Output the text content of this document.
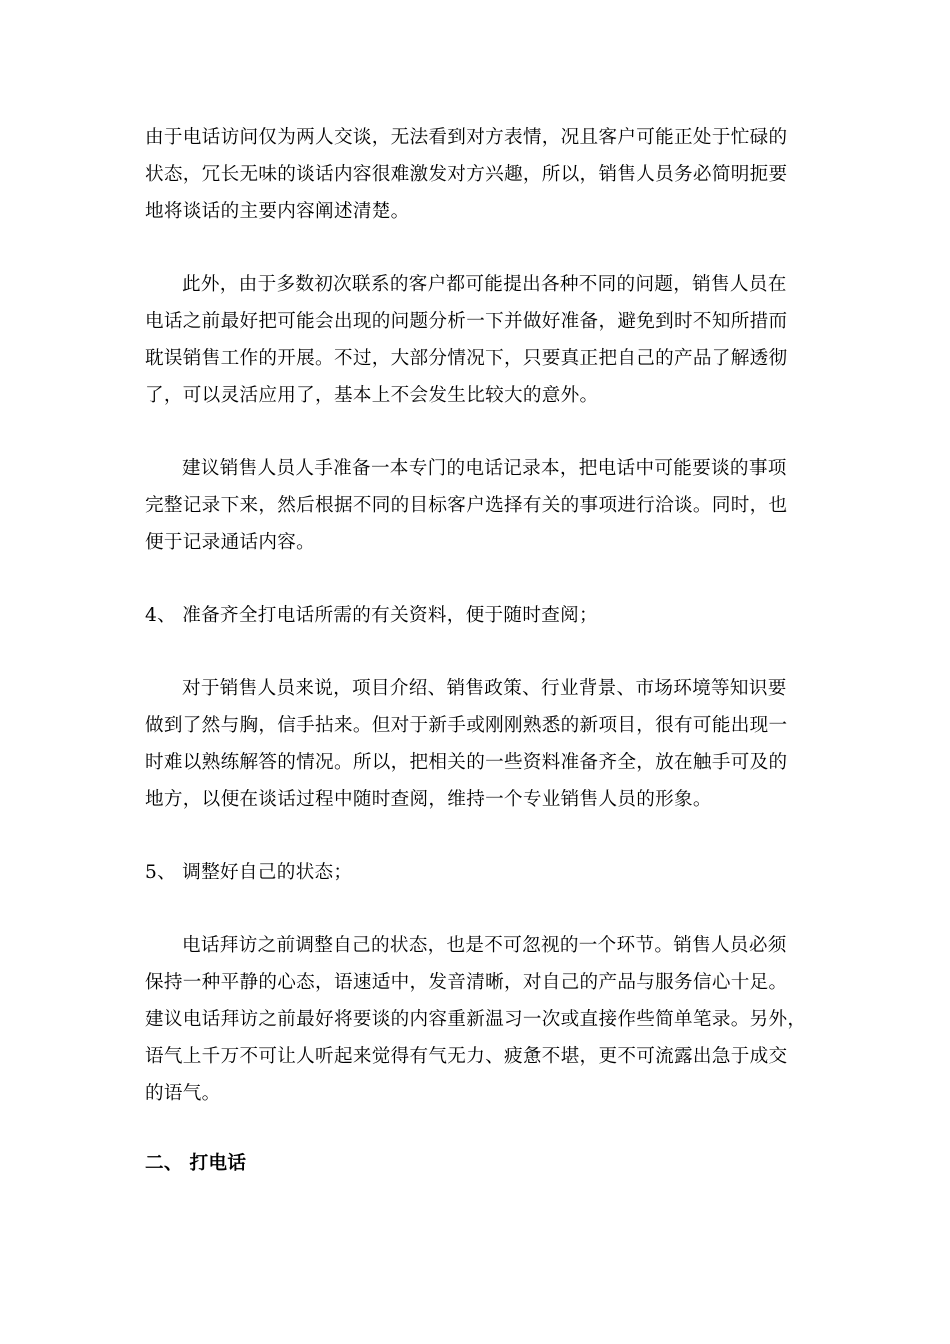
由于电话访问仅为两人交谈，无法看到对方表情，况且客户可能正处于忙碌的
状态，冗长无味的谈话内容很难激发对方兴趣，所以，销售人员务必简明扼要
地将谈话的主要内容阐述清楚。
此外，由于多数初次联系的客户都可能提出各种不同的问题，销售人员在
电话之前最好把可能会出现的问题分析一下并做好准备，避免到时不知所措而
耽误销售工作的开展。不过，大部分情况下，只要真正把自己的产品了解透彻
了，可以灵活应用了，基本上不会发生比较大的意外。
建议销售人员人手准备一本专门的电话记录本，把电话中可能要谈的事项
完整记录下来，然后根据不同的目标客户选择有关的事项进行洽谈。同时，也
便于记录通话内容。
4、 准备齐全打电话所需的有关资料，便于随时查阅；
对于销售人员来说，项目介绍、销售政策、行业背景、市场环境等知识要
做到了然与胸，信手拈来。但对于新手或刚刚熟悉的新项目，很有可能出现一
时难以熟练解答的情况。所以，把相关的一些资料准备齐全，放在触手可及的
地方，以便在谈话过程中随时查阅，维持一个专业销售人员的形象。
5、 调整好自己的状态；
电话拜访之前调整自己的状态，也是不可忽视的一个环节。销售人员必须
保持一种平静的心态，语速适中，发音清晰，对自己的产品与服务信心十足。
建议电话拜访之前最好将要谈的内容重新温习一次或直接作些简单笔录。另外，
语气上千万不可让人听起来觉得有气无力、疲惫不堪，更不可流露出急于成交
的语气。
二、 打电话
